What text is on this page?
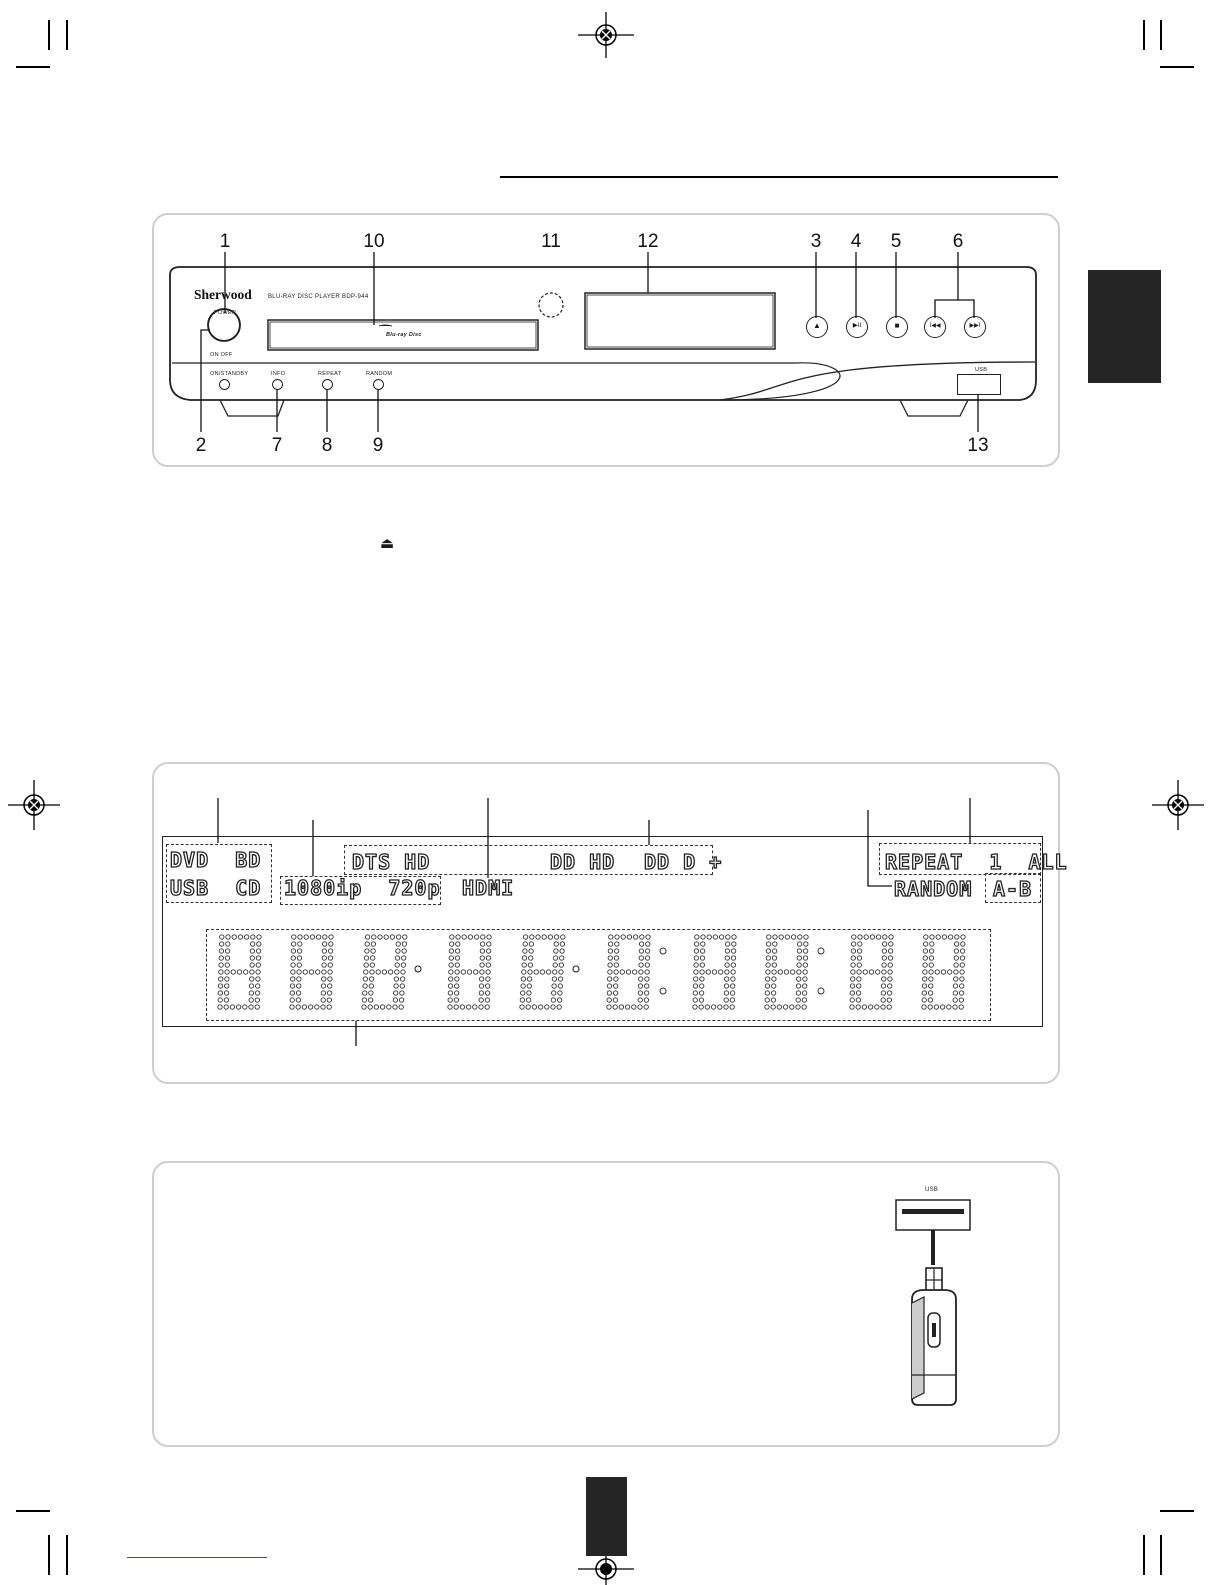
1	10	11	12	3 4 5	6
2	7 8 9	13
Sherwood	BLU-RAY DISC PLAYER BDP-944
Blu-ray Disc
POWER
ON OFF
ON/STANDBY	INFO	REPEAT	RANDOM
USB
▲	▶II	■	I◀◀	▶▶I
⏏
DVD  BD
USB  CD 1080ip  720p
DTS HD	DD HD DD D +
HDMI
REPEAT  1  ALL
RANDOM A-B
USB
